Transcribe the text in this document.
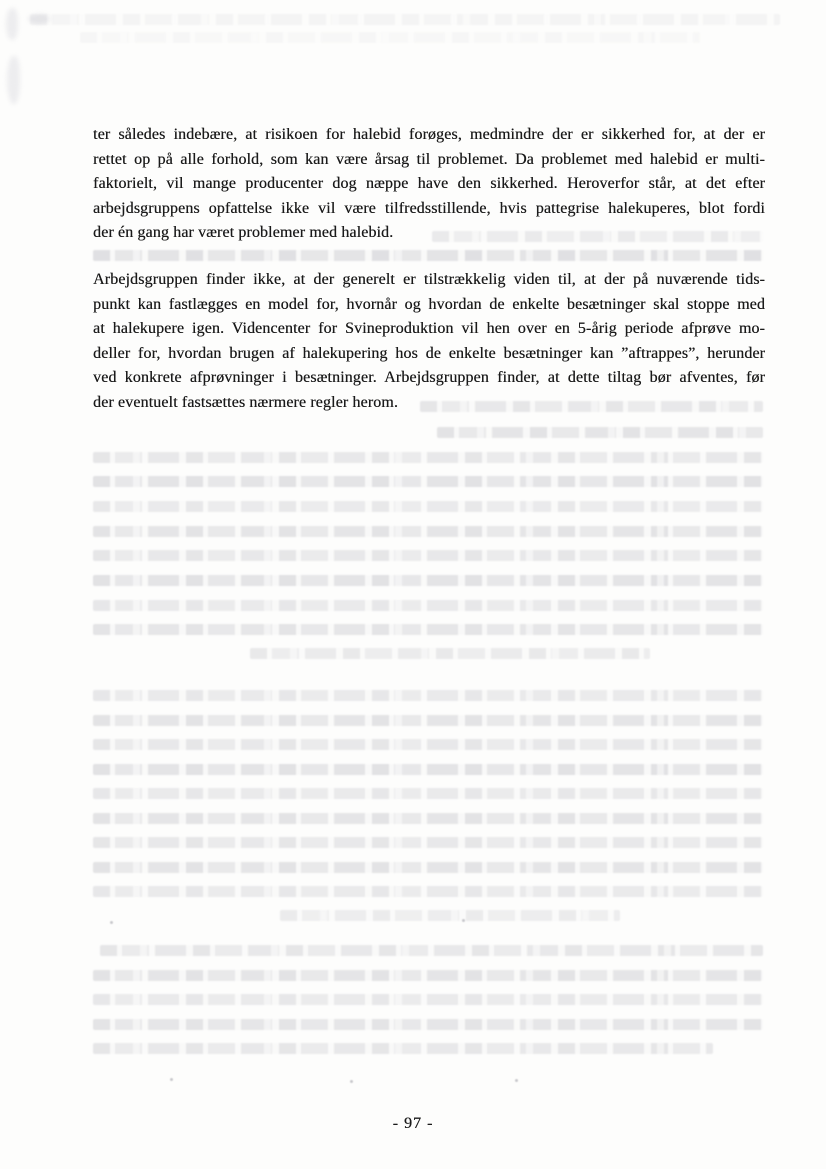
ter således indebære, at risikoen for halebid forøges, medmindre der er sikkerhed for, at der er
rettet op på alle forhold, som kan være årsag til problemet. Da problemet med halebid er multi-
faktorielt, vil mange producenter dog næppe have den sikkerhed. Heroverfor står, at det efter
arbejdsgruppens opfattelse ikke vil være tilfredsstillende, hvis pattegrise halekuperes, blot fordi
der én gang har været problemer med halebid.
Arbejdsgruppen finder ikke, at der generelt er tilstrækkelig viden til, at der på nuværende tids-
punkt kan fastlægges en model for, hvornår og hvordan de enkelte besætninger skal stoppe med
at halekupere igen. Videncenter for Svineproduktion vil hen over en 5-årig periode afprøve mo-
deller for, hvordan brugen af halekupering hos de enkelte besætninger kan ”aftrappes”, herunder
ved konkrete afprøvninger i besætninger. Arbejdsgruppen finder, at dette tiltag bør afventes, før
der eventuelt fastsættes nærmere regler herom.
- 97 -
